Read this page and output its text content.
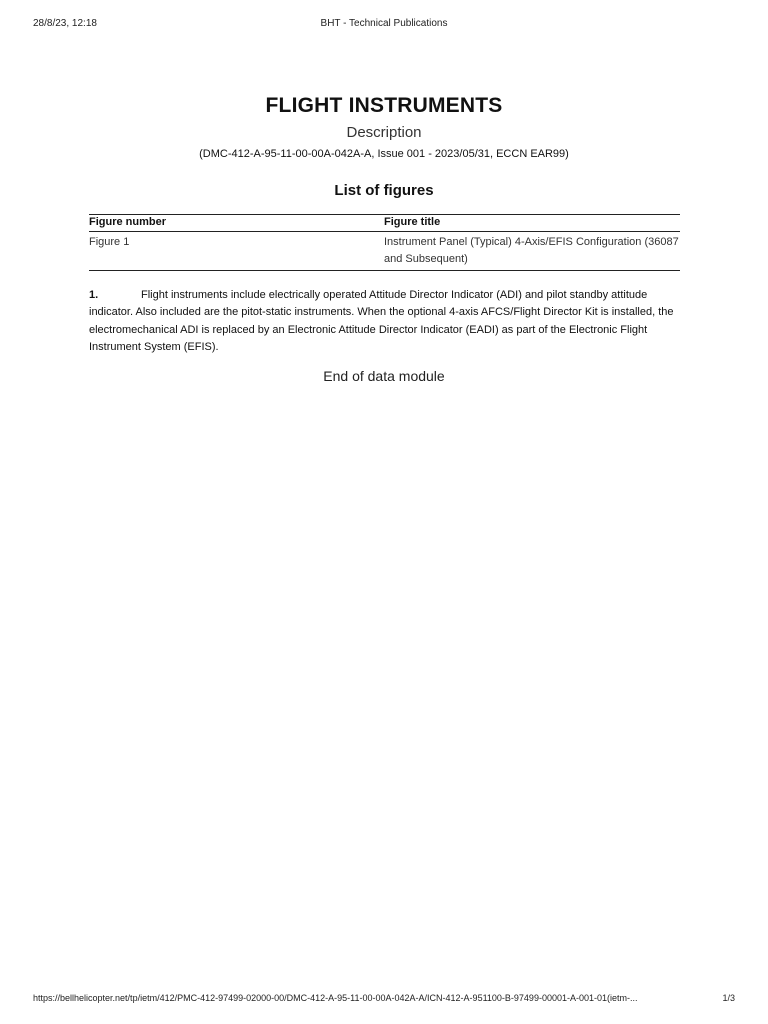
28/8/23, 12:18	BHT - Technical Publications
FLIGHT INSTRUMENTS
Description
(DMC-412-A-95-11-00-00A-042A-A, Issue 001 - 2023/05/31, ECCN EAR99)
List of figures
Figure number	Figure title
Figure 1	Instrument Panel (Typical) 4-Axis/EFIS Configuration (36087 and Subsequent)
1.	Flight instruments include electrically operated Attitude Director Indicator (ADI) and pilot standby attitude indicator. Also included are the pitot-static instruments. When the optional 4-axis AFCS/Flight Director Kit is installed, the electromechanical ADI is replaced by an Electronic Attitude Director Indicator (EADI) as part of the Electronic Flight Instrument System (EFIS).
End of data module
https://bellhelicopter.net/tp/ietm/412/PMC-412-97499-02000-00/DMC-412-A-95-11-00-00A-042A-A/ICN-412-A-951100-B-97499-00001-A-001-01(ietm-...	1/3
